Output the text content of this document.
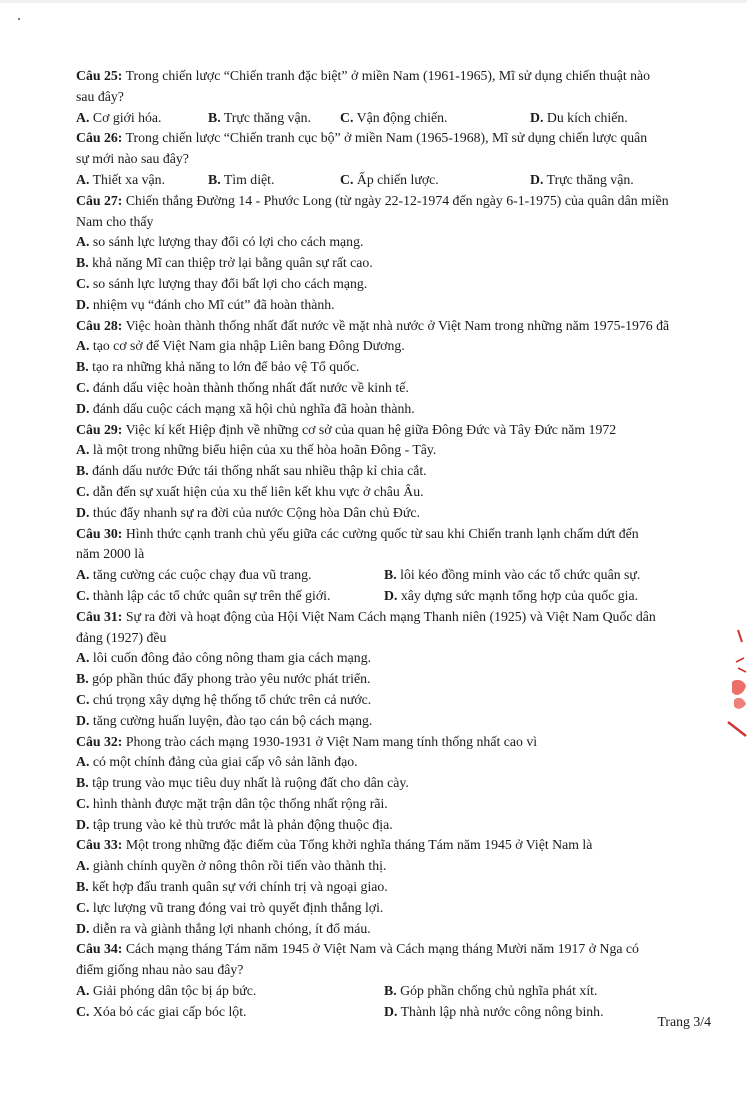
Câu 25: Trong chiến lược “Chiến tranh đặc biệt” ở miền Nam (1961-1965), Mĩ sử dụng chiến thuật nào
sau đây?
A. Cơ giới hóa.	B. Trực thăng vận.	C. Vận động chiến.	D. Du kích chiến.
Câu 26: Trong chiến lược “Chiến tranh cục bộ” ở miền Nam (1965-1968), Mĩ sử dụng chiến lược quân
sự mới nào sau đây?
A. Thiết xa vận.	B. Tìm diệt.	C. Ấp chiến lược.	D. Trực thăng vận.
Câu 27: Chiến thắng Đường 14 - Phước Long (từ ngày 22-12-1974 đến ngày 6-1-1975) của quân dân miền
Nam cho thấy
A. so sánh lực lượng thay đổi có lợi cho cách mạng.
B. khả năng Mĩ can thiệp trở lại bằng quân sự rất cao.
C. so sánh lực lượng thay đổi bất lợi cho cách mạng.
D. nhiệm vụ “đánh cho Mĩ cút” đã hoàn thành.
Câu 28: Việc hoàn thành thống nhất đất nước về mặt nhà nước ở Việt Nam trong những năm 1975-1976 đã
A. tạo cơ sở để Việt Nam gia nhập Liên bang Đông Dương.
B. tạo ra những khả năng to lớn để bảo vệ Tổ quốc.
C. đánh dấu việc hoàn thành thống nhất đất nước về kinh tế.
D. đánh dấu cuộc cách mạng xã hội chủ nghĩa đã hoàn thành.
Câu 29: Việc kí kết Hiệp định về những cơ sở của quan hệ giữa Đông Đức và Tây Đức năm 1972
A. là một trong những biểu hiện của xu thế hòa hoãn Đông - Tây.
B. đánh dấu nước Đức tái thống nhất sau nhiều thập kỉ chia cắt.
C. dẫn đến sự xuất hiện của xu thế liên kết khu vực ở châu Âu.
D. thúc đẩy nhanh sự ra đời của nước Cộng hòa Dân chủ Đức.
Câu 30: Hình thức cạnh tranh chủ yếu giữa các cường quốc từ sau khi Chiến tranh lạnh chấm dứt đến
năm 2000 là
A. tăng cường các cuộc chạy đua vũ trang.	B. lôi kéo đồng minh vào các tổ chức quân sự.
C. thành lập các tổ chức quân sự trên thế giới.	D. xây dựng sức mạnh tổng hợp của quốc gia.
Câu 31: Sự ra đời và hoạt động của Hội Việt Nam Cách mạng Thanh niên (1925) và Việt Nam Quốc dân
đảng (1927) đều
A. lôi cuốn đông đảo công nông tham gia cách mạng.
B. góp phần thúc đẩy phong trào yêu nước phát triển.
C. chú trọng xây dựng hệ thống tổ chức trên cả nước.
D. tăng cường huấn luyện, đào tạo cán bộ cách mạng.
Câu 32: Phong trào cách mạng 1930-1931 ở Việt Nam mang tính thống nhất cao vì
A. có một chính đảng của giai cấp vô sản lãnh đạo.
B. tập trung vào mục tiêu duy nhất là ruộng đất cho dân cày.
C. hình thành được mặt trận dân tộc thống nhất rộng rãi.
D. tập trung vào kẻ thù trước mắt là phản động thuộc địa.
Câu 33: Một trong những đặc điểm của Tổng khởi nghĩa tháng Tám năm 1945 ở Việt Nam là
A. giành chính quyền ở nông thôn rồi tiến vào thành thị.
B. kết hợp đấu tranh quân sự với chính trị và ngoại giao.
C. lực lượng vũ trang đóng vai trò quyết định thắng lợi.
D. diễn ra và giành thắng lợi nhanh chóng, ít đổ máu.
Câu 34: Cách mạng tháng Tám năm 1945 ở Việt Nam và Cách mạng tháng Mười năm 1917 ở Nga có
điểm giống nhau nào sau đây?
A. Giải phóng dân tộc bị áp bức.	B. Góp phần chống chủ nghĩa phát xít.
C. Xóa bỏ các giai cấp bóc lột.	D. Thành lập nhà nước công nông binh.
Trang 3/4
